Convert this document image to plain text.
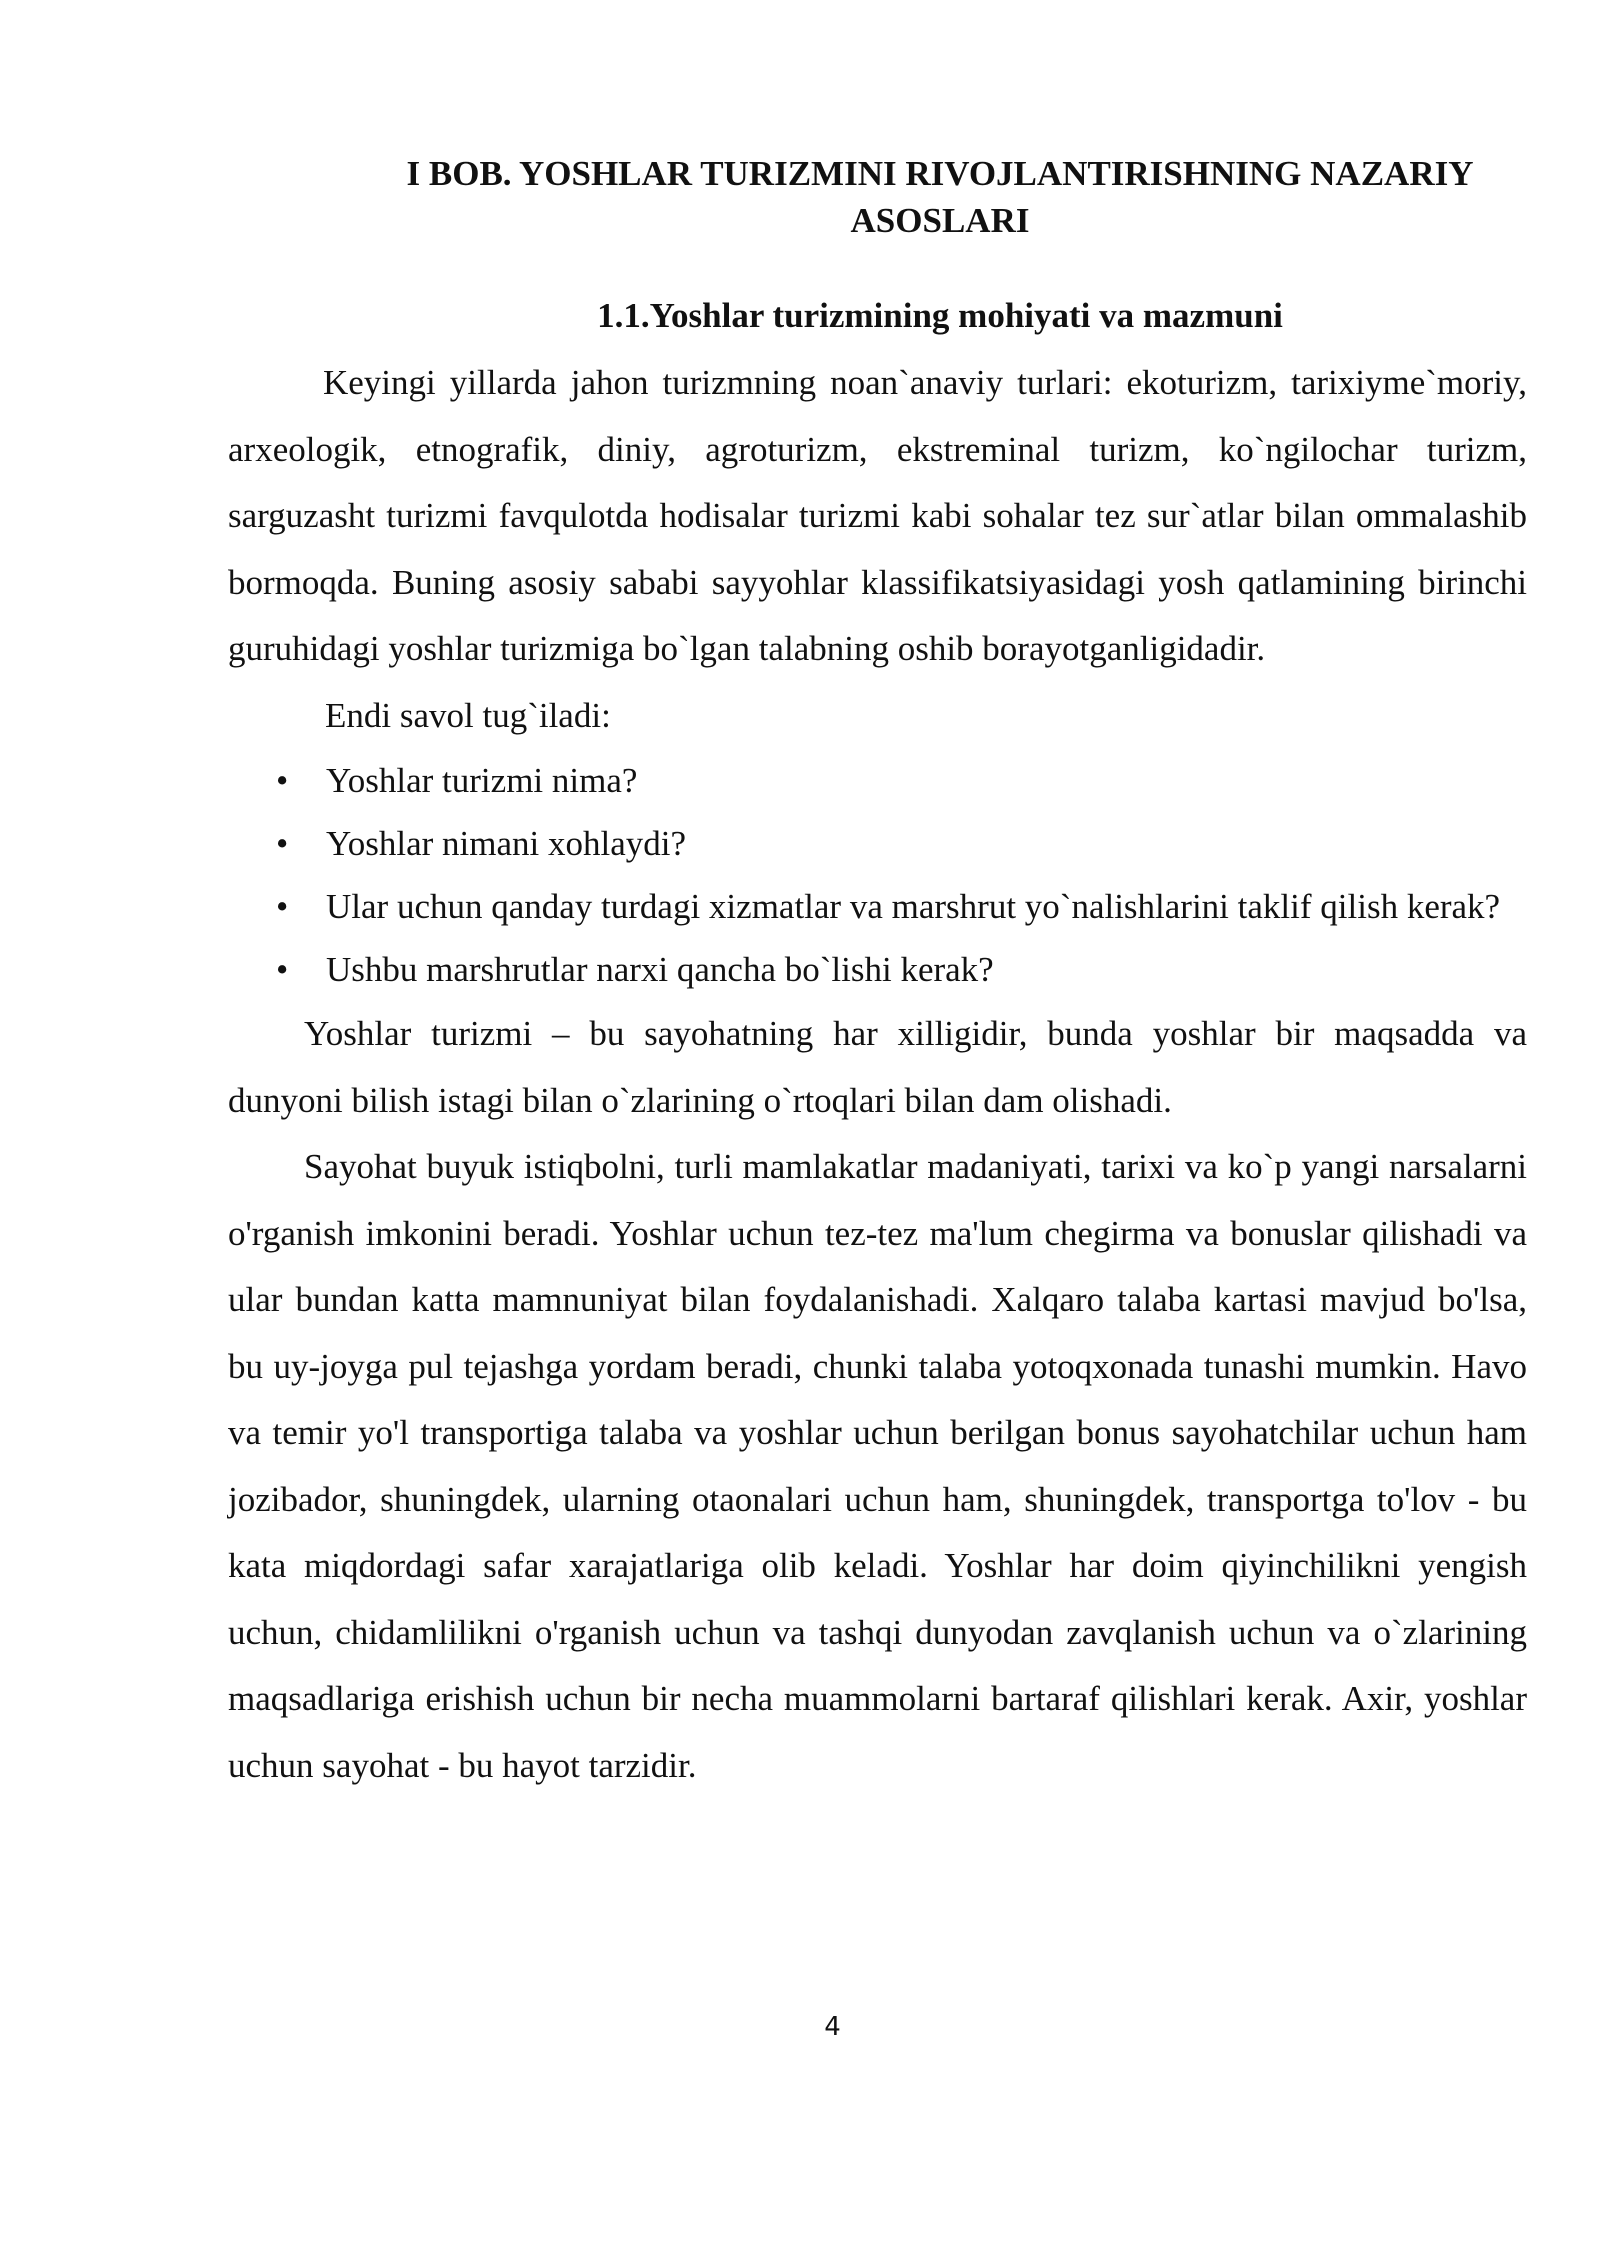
I BOB. YOSHLAR TURIZMINI RIVOJLANTIRISHNING NAZARIY
ASOSLARI
1.1.Yoshlar turizmining mohiyati va mazmuni

Keyingi yillarda jahon turizmning noan`anaviy turlari: ekoturizm, tarixiyme`moriy, arxeologik, etnografik, diniy, agroturizm, ekstreminal turizm, ko`ngilochar turizm, sarguzasht turizmi favqulotda hodisalar turizmi kabi sohalar tez sur`atlar bilan ommalashib bormoqda. Buning asosiy sababi sayyohlar klassifikatsiyasidagi yosh qatlamining birinchi guruhidagi yoshlar turizmiga bo`lgan talabning oshib borayotganligidadir.

Endi savol tug`iladi:

• Yoshlar turizmi nima?
• Yoshlar nimani xohlaydi?
• Ular uchun qanday turdagi xizmatlar va marshrut yo`nalishlarini taklif qilish kerak?
• Ushbu marshrutlar narxi qancha bo`lishi kerak?

Yoshlar turizmi – bu sayohatning har xilligidir, bunda yoshlar bir maqsadda va dunyoni bilish istagi bilan o`zlarining o`rtoqlari bilan dam olishadi.

Sayohat buyuk istiqbolni, turli mamlakatlar madaniyati, tarixi va ko`p yangi narsalarni o'rganish imkonini beradi. Yoshlar uchun tez-tez ma'lum chegirma va bonuslar qilishadi va ular bundan katta mamnuniyat bilan foydalanishadi. Xalqaro talaba kartasi mavjud bo'lsa, bu uy-joyga pul tejashga yordam beradi, chunki talaba yotoqxonada tunashi mumkin. Havo va temir yo'l transportiga talaba va yoshlar uchun berilgan bonus sayohatchilar uchun ham jozibador, shuningdek, ularning otaonalari uchun ham, shuningdek, transportga to'lov - bu kata miqdordagi safar xarajatlariga olib keladi. Yoshlar har doim qiyinchilikni yengish uchun, chidamlilikni o'rganish uchun va tashqi dunyodan zavqlanish uchun va o`zlarining maqsadlariga erishish uchun bir necha muammolarni bartaraf qilishlari kerak. Axir, yoshlar uchun sayohat - bu hayot tarzidir.

4
